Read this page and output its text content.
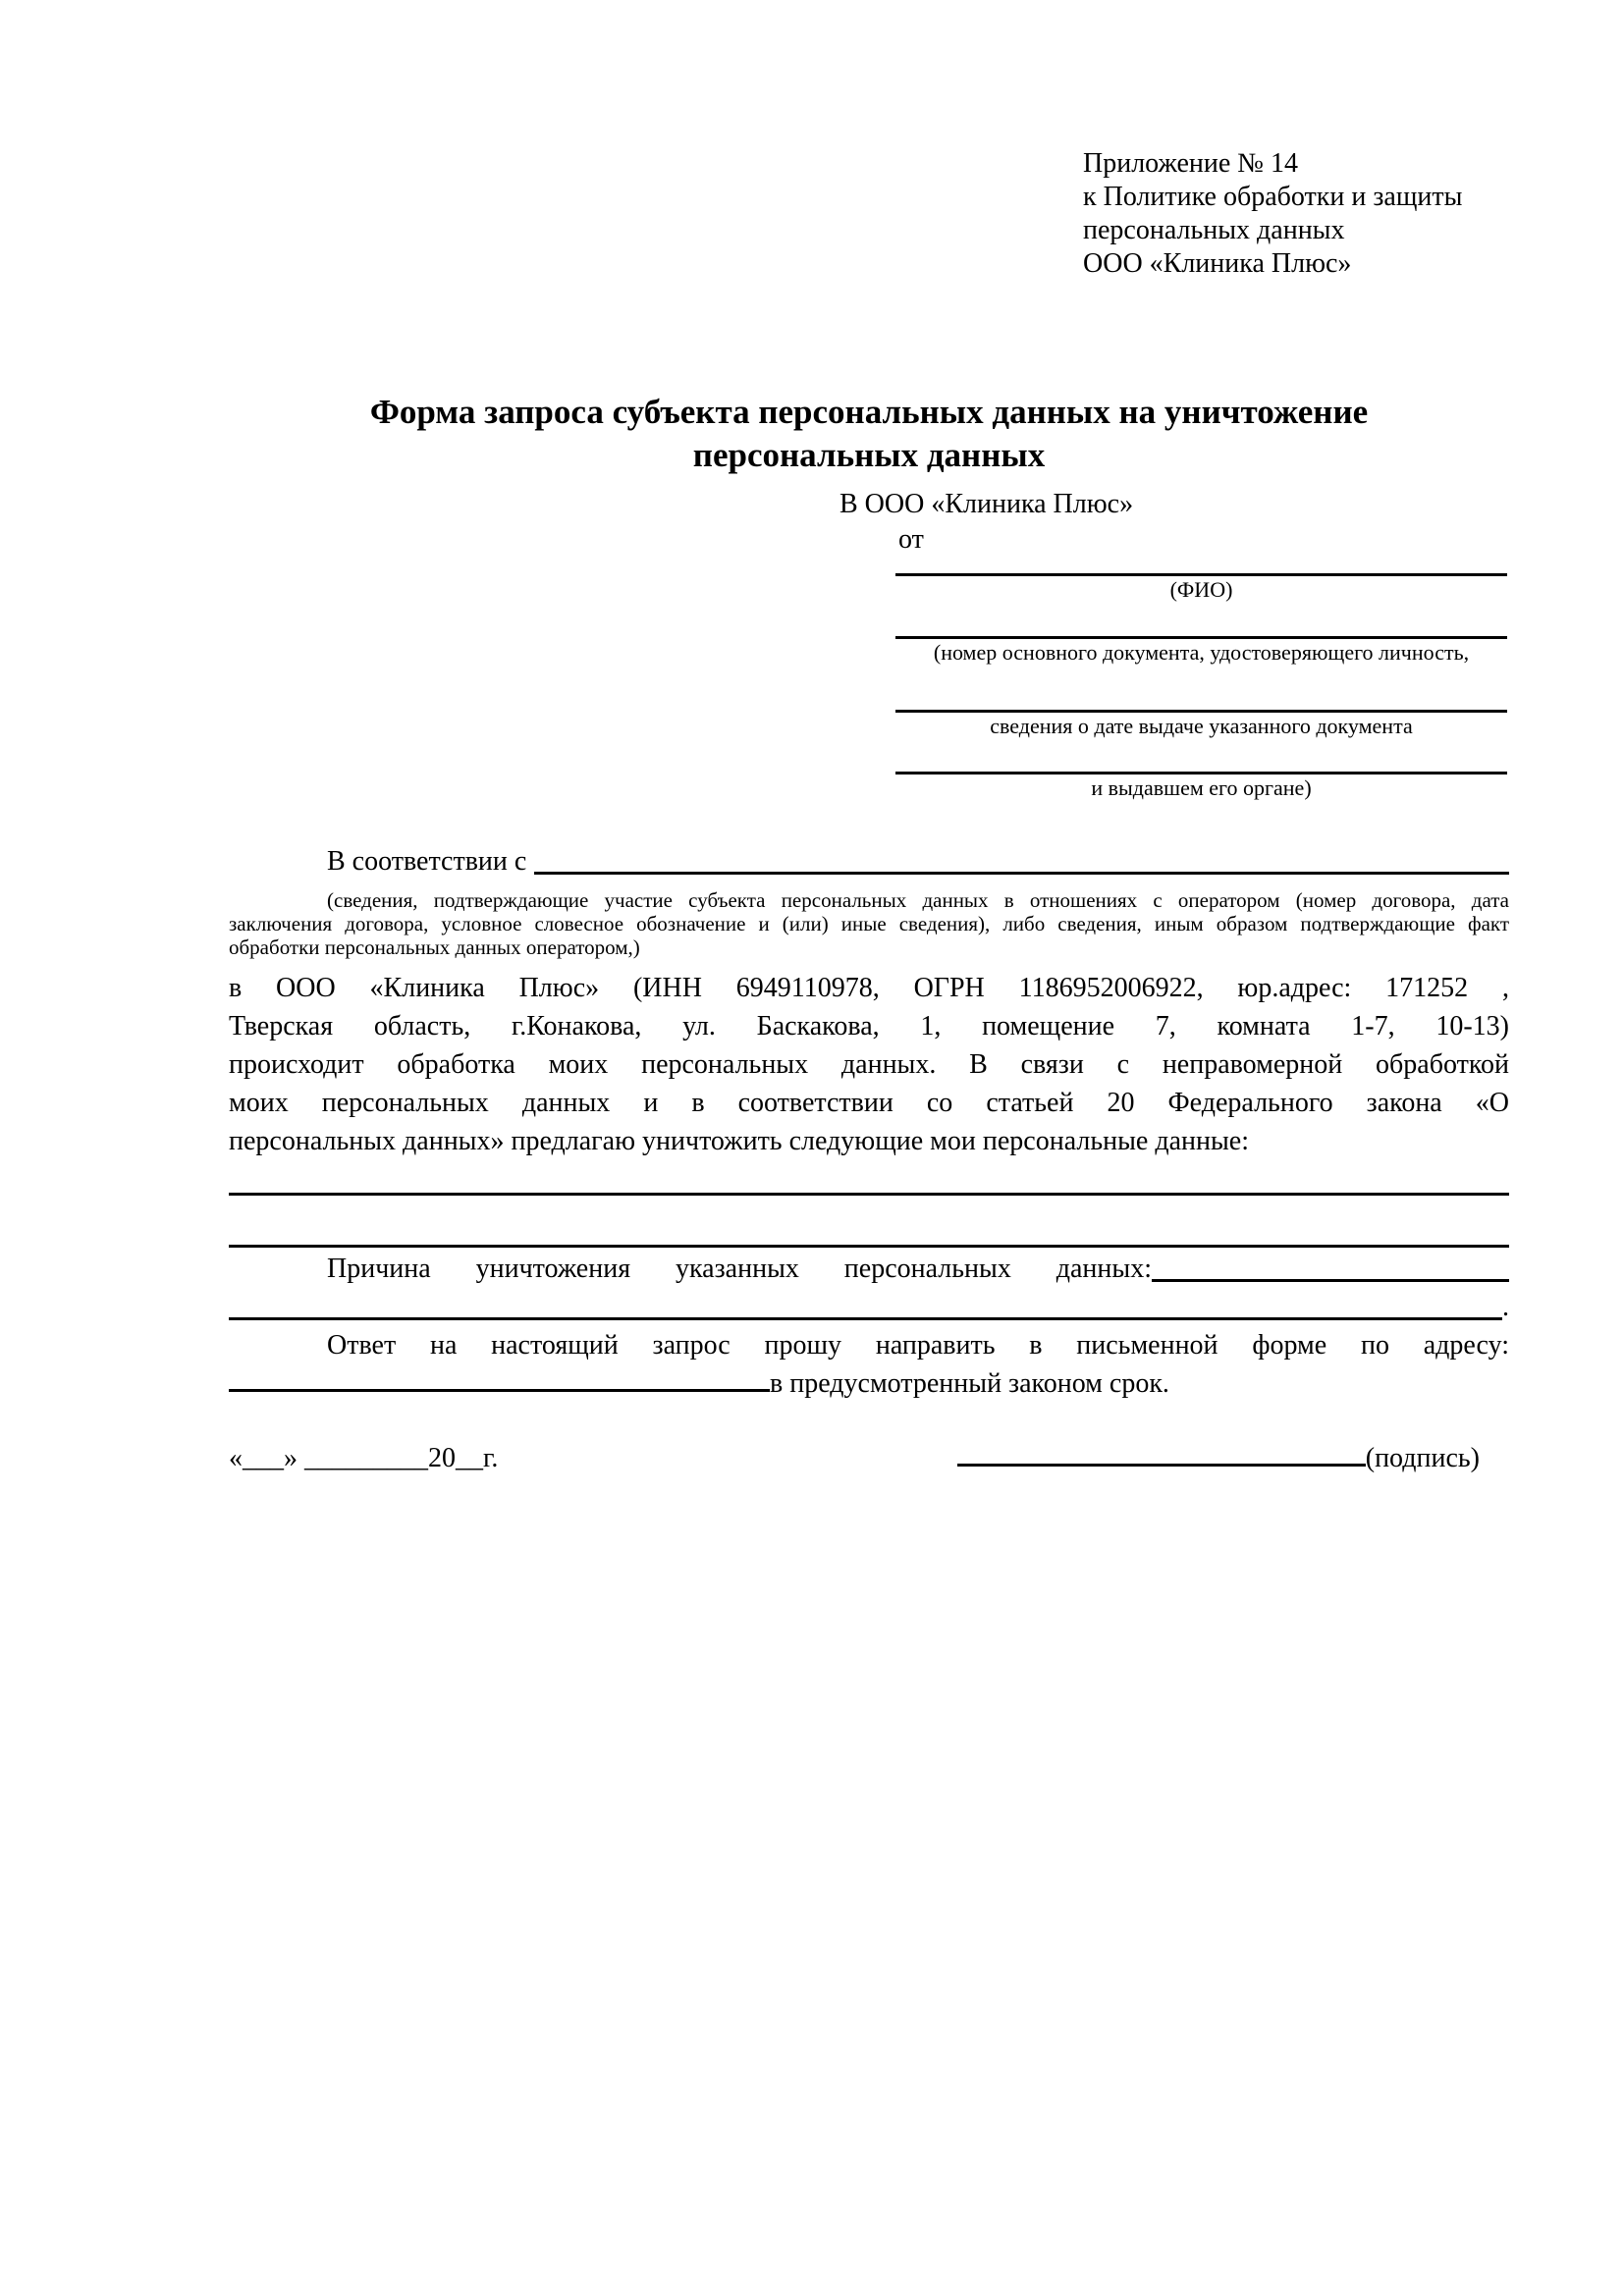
Приложение № 14
к Политике обработки и защиты
персональных данных
ООО «Клиника Плюс»
Форма запроса субъекта персональных данных на уничтожение
персональных данных
В ООО «Клиника Плюс»
от
(ФИО)
(номер основного документа, удостоверяющего личность,
сведения о дате выдаче указанного документа
и выдавшем его органе)
В соответствии с
(сведения, подтверждающие участие субъекта персональных данных в отношениях с оператором (номер договора, дата
заключения договора, условное словесное обозначение и (или) иные сведения), либо сведения, иным образом подтверждающие факт
обработки персональных данных оператором,)
в ООО «Клиника Плюс» (ИНН 6949110978, ОГРН 1186952006922, юр.адрес: 171252 ,
Тверская область, г.Конакова, ул. Баскакова, 1, помещение 7, комната 1-7, 10-13)
происходит обработка моих персональных данных. В связи с неправомерной обработкой
моих персональных данных и в соответствии со статьей 20 Федерального закона «О
персональных данных» предлагаю уничтожить следующие мои персональные данные:
Причина уничтожения указанных персональных данных:
.
Ответ на настоящий запрос прошу направить в письменной форме по адресу:
в предусмотренный законом срок.
«___» _________20__г.	(подпись)
